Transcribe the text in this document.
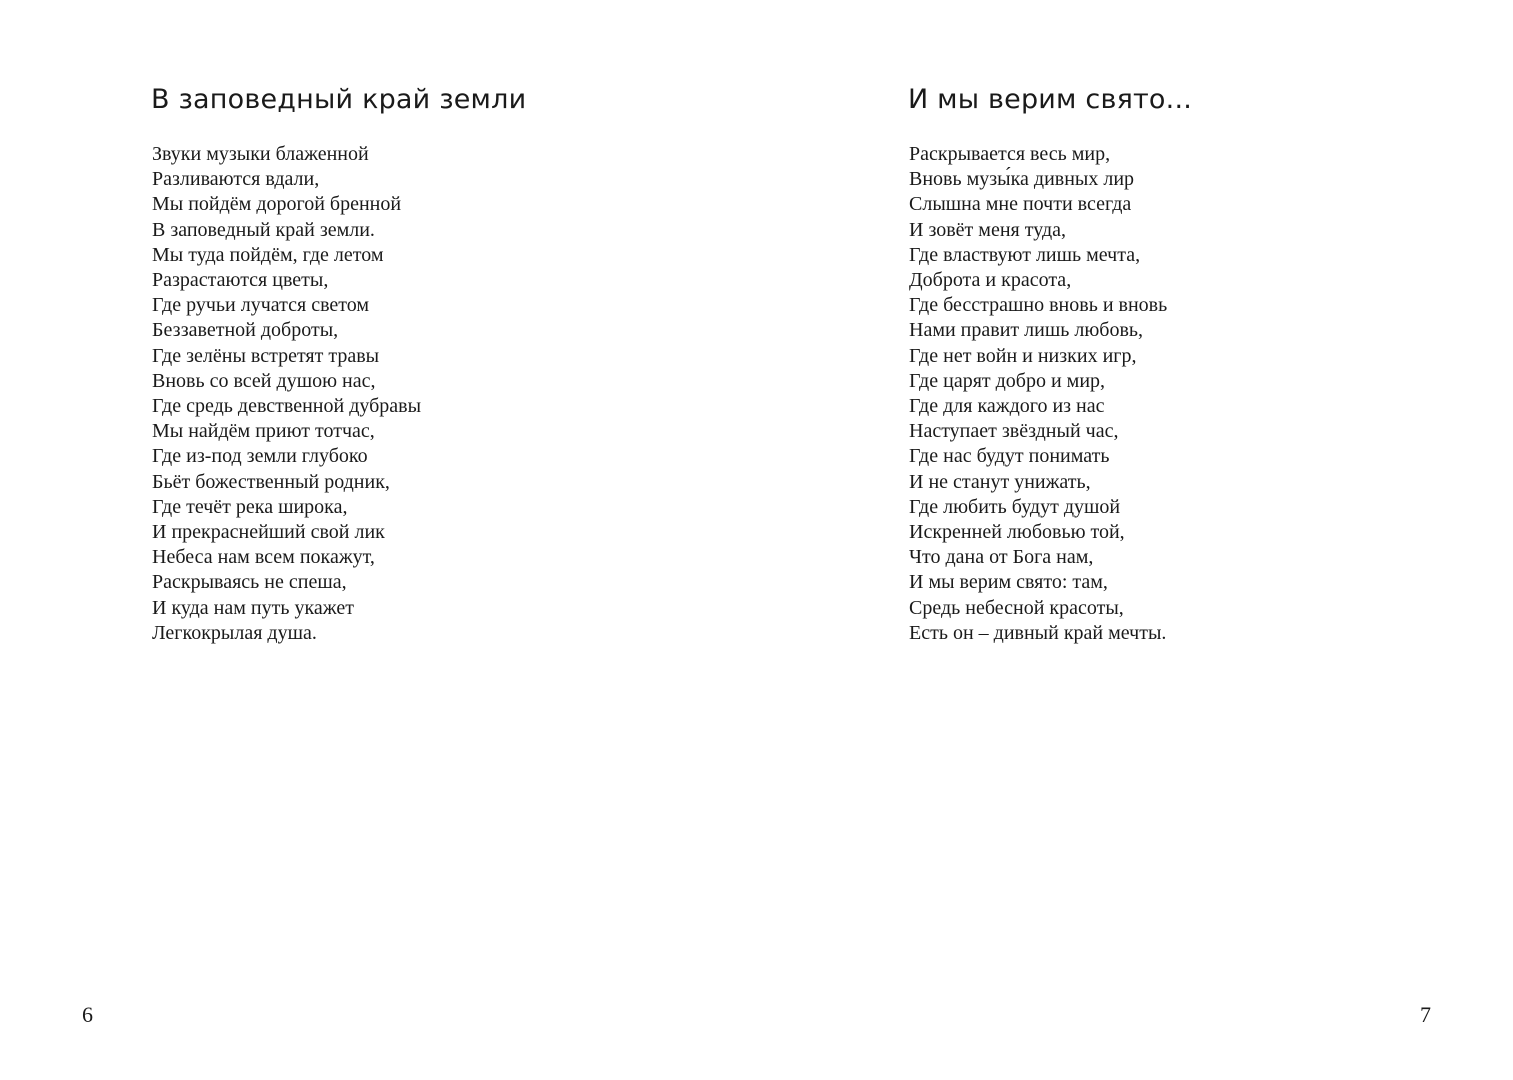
В заповедный край земли
Звуки музыки блаженной
Разливаются вдали,
Мы пойдём дорогой бренной
В заповедный край земли.
Мы туда пойдём, где летом
Разрастаются цветы,
Где ручьи лучатся светом
Беззаветной доброты,
Где зелёны встретят травы
Вновь со всей душою нас,
Где средь девственной дубравы
Мы найдём приют тотчас,
Где из-под земли глубоко
Бьёт божественный родник,
Где течёт река широка,
И прекраснейший свой лик
Небеса нам всем покажут,
Раскрываясь не спеша,
И куда нам путь укажет
Легкокрылая душа.
6
И мы верим свято...
Раскрывается весь мир,
Вновь музы́ка дивных лир
Слышна мне почти всегда
И зовёт меня туда,
Где властвуют лишь мечта,
Доброта и красота,
Где бесстрашно вновь и вновь
Нами правит лишь любовь,
Где нет войн и низких игр,
Где царят добро и мир,
Где для каждого из нас
Наступает звёздный час,
Где нас будут понимать
И не станут унижать,
Где любить будут душой
Искренней любовью той,
Что дана от Бога нам,
И мы верим свято: там,
Средь небесной красоты,
Есть он – дивный край мечты.
7
